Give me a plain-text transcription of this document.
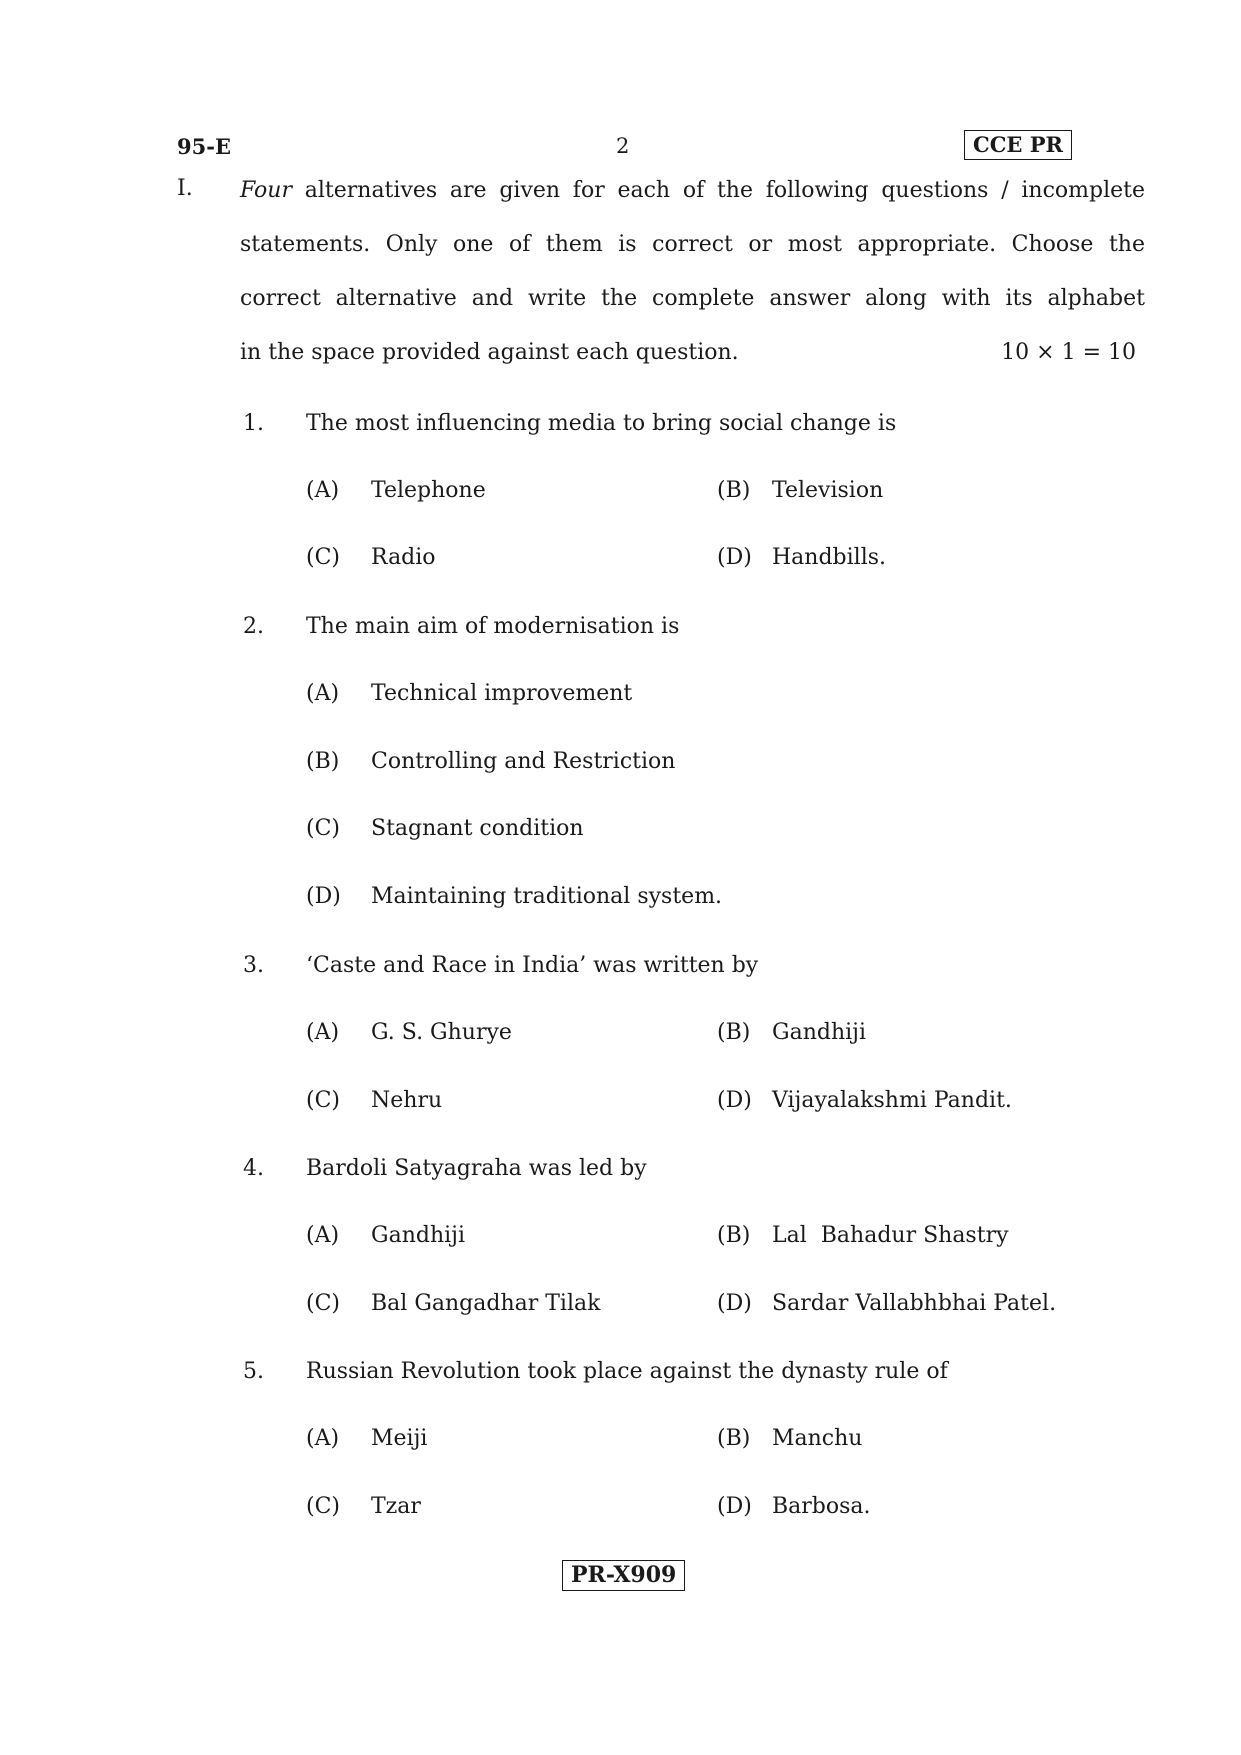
95-E	2	CCE PR
I. Four alternatives are given for each of the following questions / incomplete
statements. Only one of them is correct or most appropriate. Choose the
correct alternative and write the complete answer along with its alphabet
in the space provided against each question.	10 × 1 = 10
1. The most influencing media to bring social change is
(A) Telephone	(B) Television
(C) Radio	(D) Handbills.
2. The main aim of modernisation is
(A) Technical improvement
(B) Controlling and Restriction
(C) Stagnant condition
(D) Maintaining traditional system.
3. ‘Caste and Race in India’ was written by
(A) G. S. Ghurye	(B) Gandhiji
(C) Nehru	(D) Vijayalakshmi Pandit.
4. Bardoli Satyagraha was led by
(A) Gandhiji	(B) Lal  Bahadur Shastry
(C) Bal Gangadhar Tilak	(D) Sardar Vallabhbhai Patel.
5. Russian Revolution took place against the dynasty rule of
(A) Meiji	(B) Manchu
(C) Tzar	(D) Barbosa.
PR-X909
